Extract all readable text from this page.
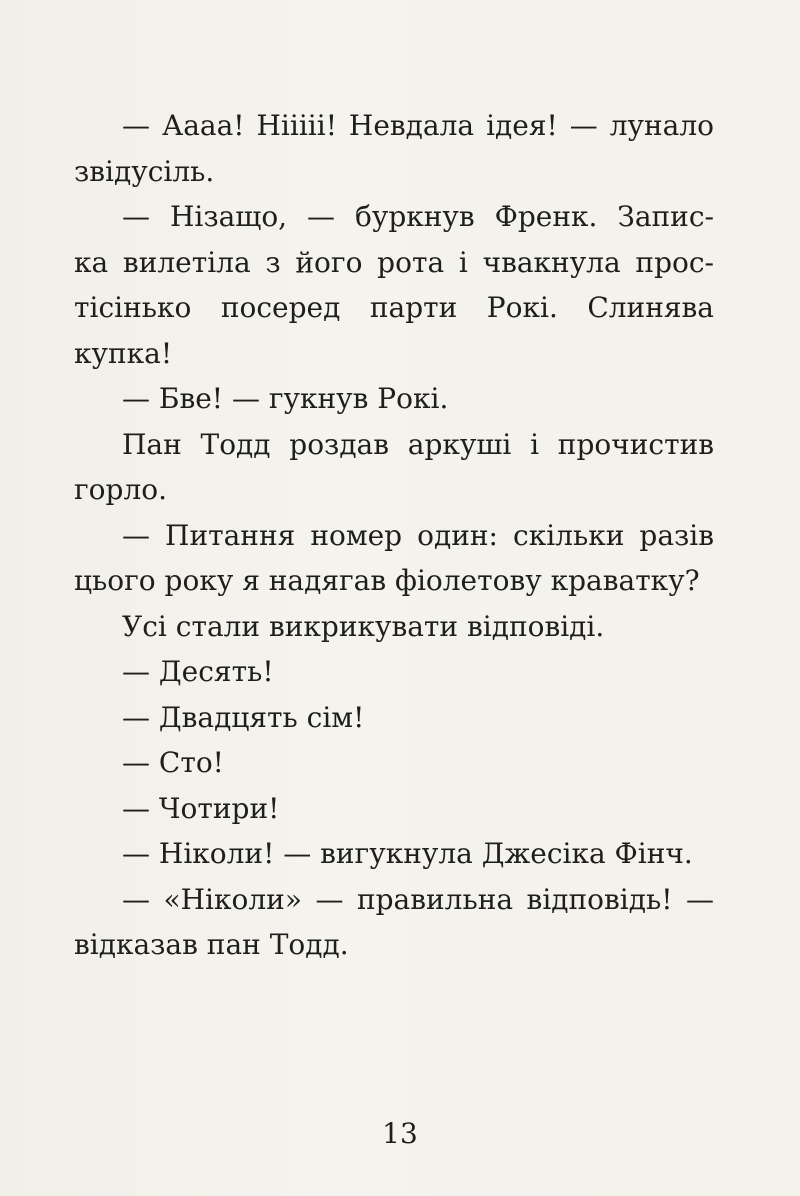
— Аааа! Нііііі! Невдала ідея! — лунало
звідусіль.

— Нізащо, — буркнув Френк. Запис-
ка вилетіла з його рота і чвакнула прос-
тісінько посеред парти Рокі. Слинява
купка!

— Бве! — гукнув Рокі.

Пан Тодд роздав аркуші і прочистив
горло.

— Питання номер один: скільки разів
цього року я надягав фіолетову краватку?

Усі стали викрикувати відповіді.

— Десять!

— Двадцять сім!

— Сто!

— Чотири!

— Ніколи! — вигукнула Джесіка Фінч.

— «Ніколи» — правильна відповідь! —
відказав пан Тодд.

13
